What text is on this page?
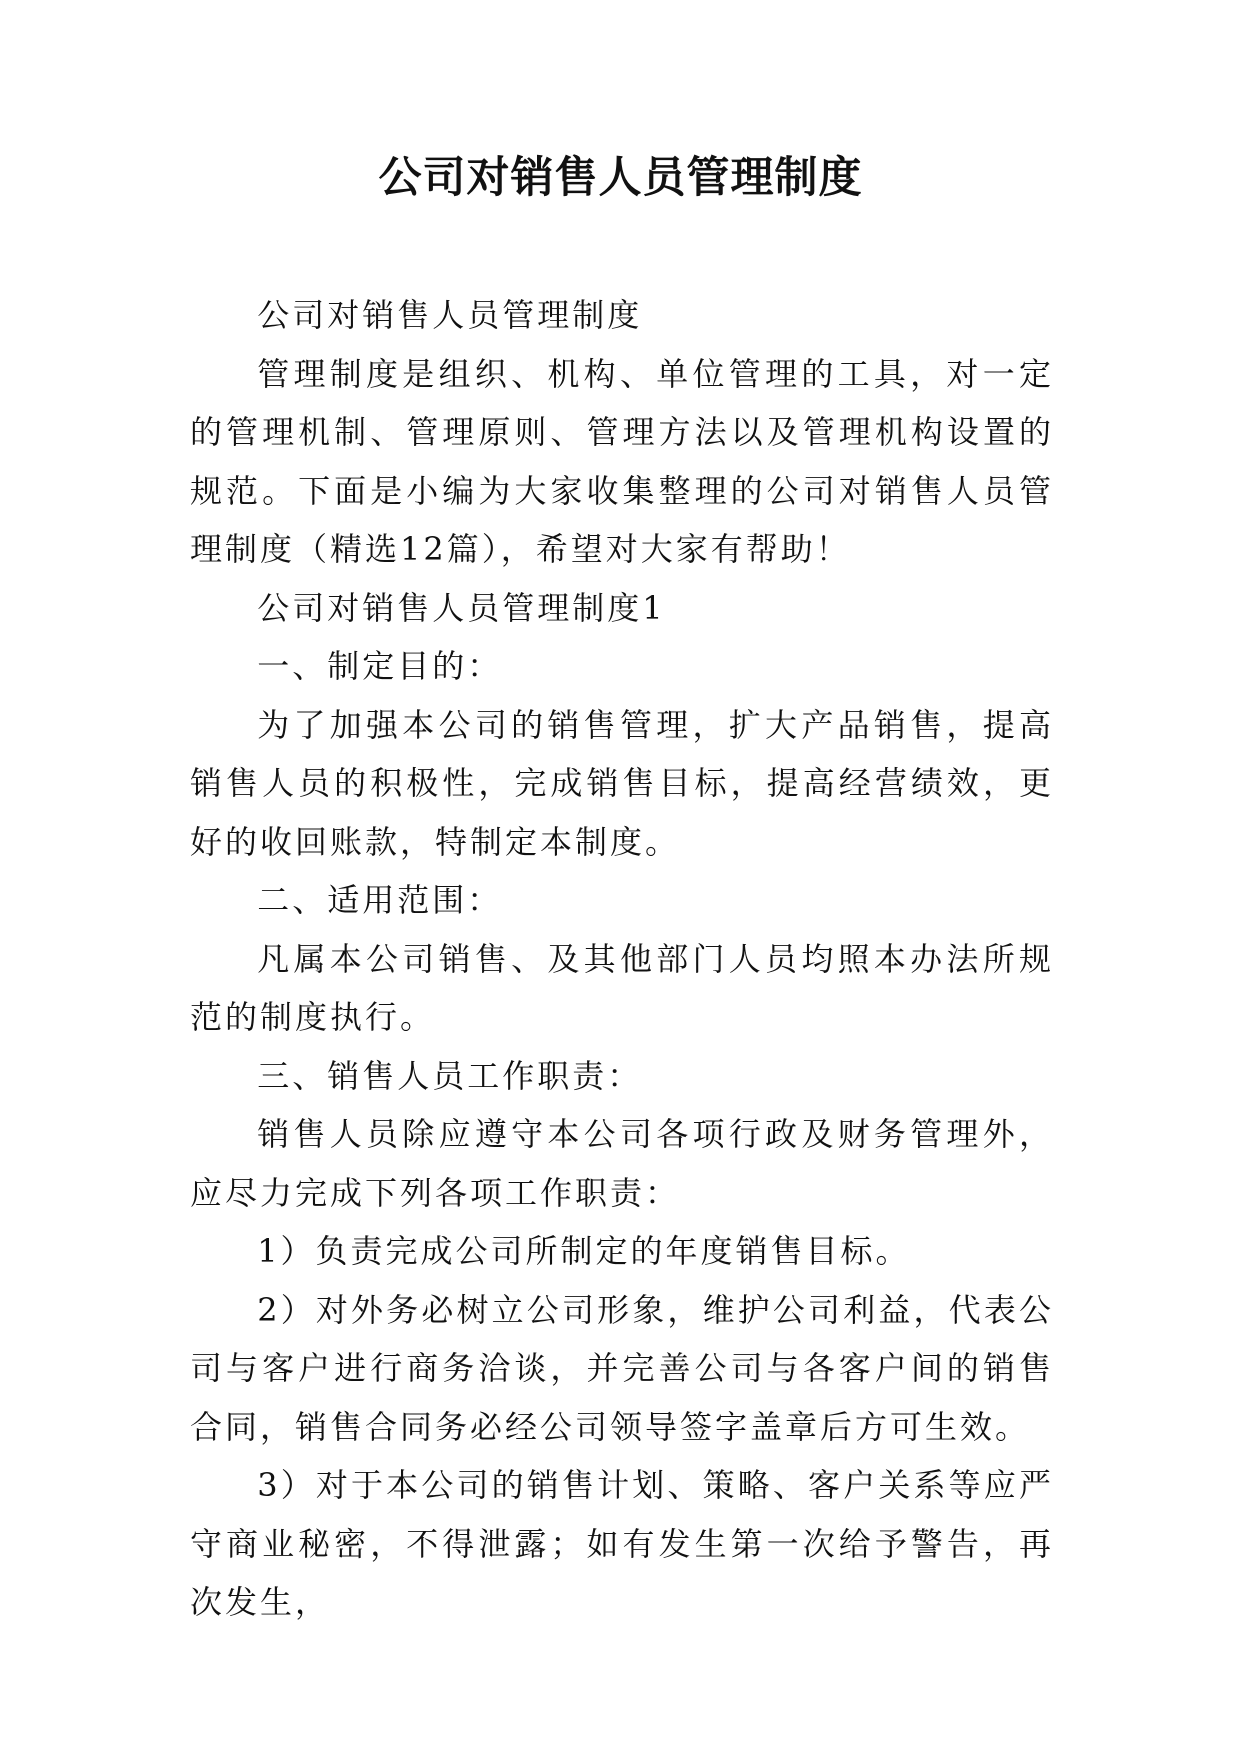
公司对销售人员管理制度

公司对销售人员管理制度

管理制度是组织、机构、单位管理的工具，对一定的管理机制、管理原则、管理方法以及管理机构设置的规范。下面是小编为大家收集整理的公司对销售人员管理制度（精选12篇），希望对大家有帮助！

公司对销售人员管理制度1

一、制定目的：

为了加强本公司的销售管理，扩大产品销售，提高销售人员的积极性，完成销售目标，提高经营绩效，更好的收回账款，特制定本制度。

二、适用范围：

凡属本公司销售、及其他部门人员均照本办法所规范的制度执行。

三、销售人员工作职责：

销售人员除应遵守本公司各项行政及财务管理外，应尽力完成下列各项工作职责：

1）负责完成公司所制定的年度销售目标。

2）对外务必树立公司形象，维护公司利益，代表公司与客户进行商务洽谈，并完善公司与各客户间的销售合同，销售合同务必经公司领导签字盖章后方可生效。

3）对于本公司的销售计划、策略、客户关系等应严守商业秘密，不得泄露；如有发生第一次给予警告，再次发生，
